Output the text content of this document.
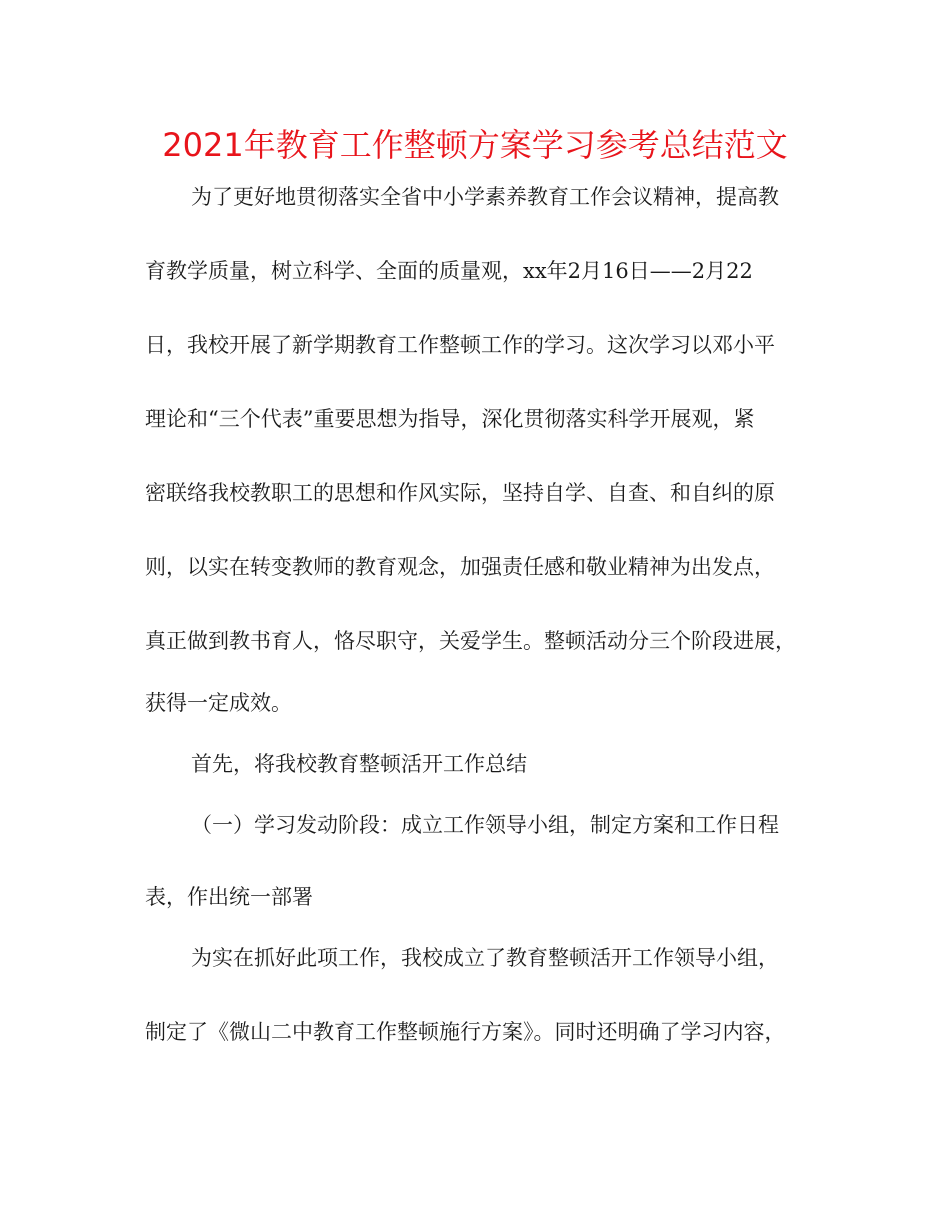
2021年教育工作整顿方案学习参考总结范文

为了更好地贯彻落实全省中小学素养教育工作会议精神，提高教

育教学质量，树立科学、全面的质量观，xx年2月16日——2月22

日，我校开展了新学期教育工作整顿工作的学习。这次学习以邓小平

理论和“三个代表”重要思想为指导，深化贯彻落实科学开展观，紧

密联络我校教职工的思想和作风实际，坚持自学、自查、和自纠的原

则，以实在转变教师的教育观念，加强责任感和敬业精神为出发点，

真正做到教书育人，恪尽职守，关爱学生。整顿活动分三个阶段进展，

获得一定成效。

首先，将我校教育整顿活开工作总结

（一）学习发动阶段：成立工作领导小组，制定方案和工作日程

表，作出统一部署

为实在抓好此项工作，我校成立了教育整顿活开工作领导小组，

制定了《微山二中教育工作整顿施行方案》。同时还明确了学习内容，
